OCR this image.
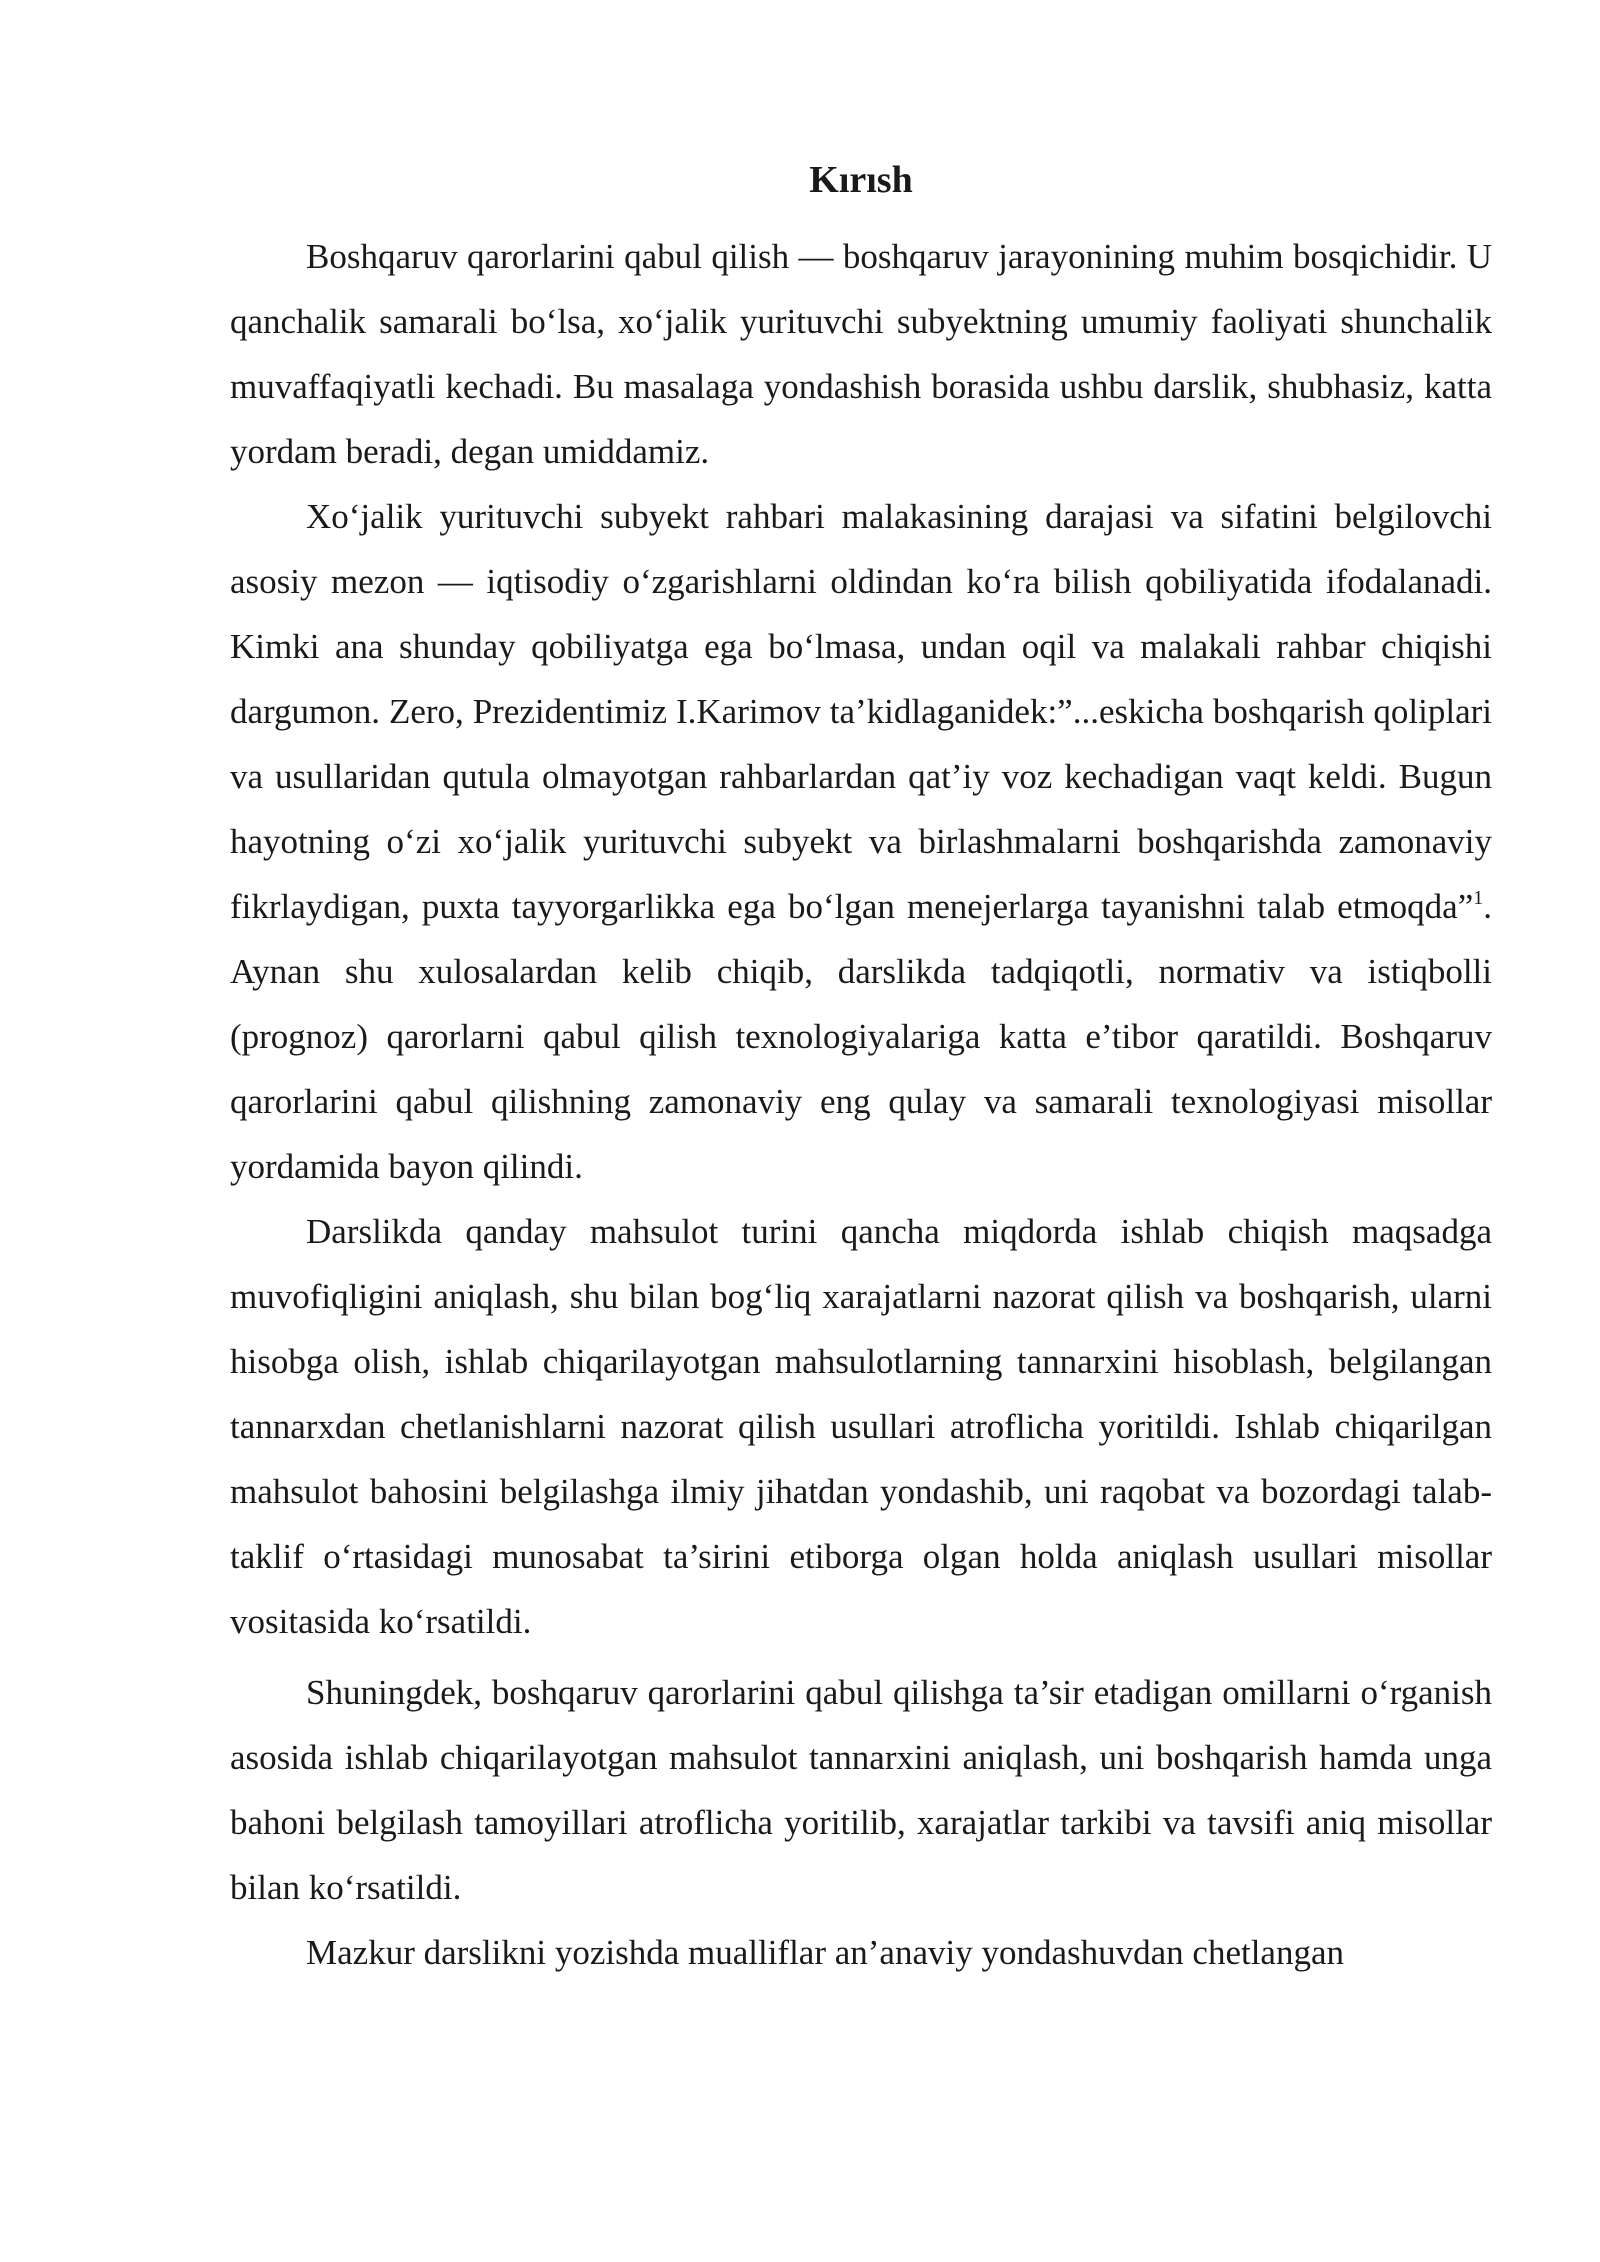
Kırısh

Boshqaruv qarorlarini qabul qilish — boshqaruv jarayonining muhim bosqichidir. U qanchalik samarali bo‘lsa, xo‘jalik yurituvchi subyektning umumiy faoliyati shunchalik muvaffaqiyatli kechadi. Bu masalaga yondashish borasida ushbu darslik, shubhasiz, katta yordam beradi, degan umiddamiz.

Xo‘jalik yurituvchi subyekt rahbari malakasining darajasi va sifatini belgilovchi asosiy mezon — iqtisodiy o‘zgarishlarni oldindan ko‘ra bilish qobiliyatida ifodalanadi. Kimki ana shunday qobiliyatga ega bo‘lmasa, undan oqil va malakali rahbar chiqishi dargumon. Zero, Prezidentimiz I.Karimov ta’kidlaganidek:”...eskicha boshqarish qoliplari va usullaridan qutula olmayotgan rahbarlardan qat’iy voz kechadigan vaqt keldi. Bugun hayotning o‘zi xo‘jalik yurituvchi subyekt va birlashmalarni boshqarishda zamonaviy fikrlaydigan, puxta tayyorgarlikka ega bo‘lgan menejerlarga tayanishni talab etmoqda”$^1$. Aynan shu xulosalardan kelib chiqib, darslikda tadqiqotli, normativ va istiqbolli (prognoz) qarorlarni qabul qilish texnologiyalariga katta e’tibor qaratildi. Boshqaruv qarorlarini qabul qilishning zamonaviy eng qulay va samarali texnologiyasi misollar yordamida bayon qilindi.

Darslikda qanday mahsulot turini qancha miqdorda ishlab chiqish maqsadga muvofiqligini aniqlash, shu bilan bog‘liq xarajatlarni nazorat qilish va boshqarish, ularni hisobga olish, ishlab chiqarilayotgan mahsulotlarning tannarxini hisoblash, belgilangan tannarxdan chetlanishlarni nazorat qilish usullari atroflicha yoritildi. Ishlab chiqarilgan mahsulot bahosini belgilashga ilmiy jihatdan yondashib, uni raqobat va bozordagi talab-taklif o‘rtasidagi munosabat ta’sirini etiborga olgan holda aniqlash usullari misollar vositasida ko‘rsatildi.

Shuningdek, boshqaruv qarorlarini qabul qilishga ta’sir etadigan omillarni o‘rganish asosida ishlab chiqarilayotgan mahsulot tannarxini aniqlash, uni boshqarish hamda unga bahoni belgilash tamoyillari atroflicha yoritilib, xarajatlar tarkibi va tavsifi aniq misollar bilan ko‘rsatildi.

Mazkur darslikni yozishda mualliflar an’anaviy yondashuvdan chetlangan
